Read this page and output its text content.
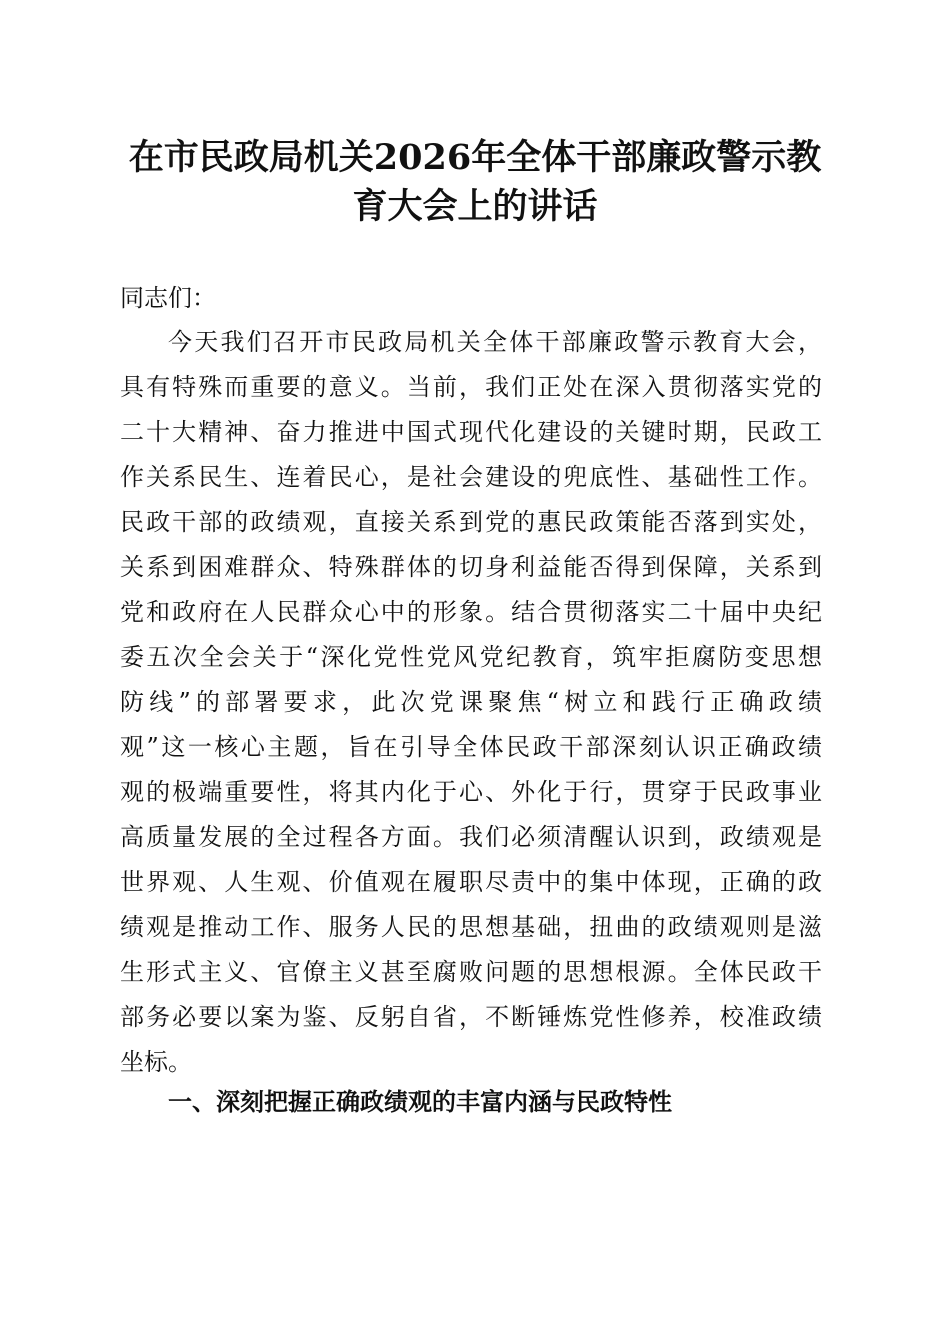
在市民政局机关2026年全体干部廉政警示教
育大会上的讲话

同志们：

今天我们召开市民政局机关全体干部廉政警示教育大会，
具有特殊而重要的意义。当前，我们正处在深入贯彻落实党的
二十大精神、奋力推进中国式现代化建设的关键时期，民政工
作关系民生、连着民心，是社会建设的兜底性、基础性工作。
民政干部的政绩观，直接关系到党的惠民政策能否落到实处，
关系到困难群众、特殊群体的切身利益能否得到保障，关系到
党和政府在人民群众心中的形象。结合贯彻落实二十届中央纪
委五次全会关于“深化党性党风党纪教育，筑牢拒腐防变思想
防线”的部署要求，此次党课聚焦“树立和践行正确政绩
观”这一核心主题，旨在引导全体民政干部深刻认识正确政绩
观的极端重要性，将其内化于心、外化于行，贯穿于民政事业
高质量发展的全过程各方面。我们必须清醒认识到，政绩观是
世界观、人生观、价值观在履职尽责中的集中体现，正确的政
绩观是推动工作、服务人民的思想基础，扭曲的政绩观则是滋
生形式主义、官僚主义甚至腐败问题的思想根源。全体民政干
部务必要以案为鉴、反躬自省，不断锤炼党性修养，校准政绩
坐标。
一、深刻把握正确政绩观的丰富内涵与民政特性
